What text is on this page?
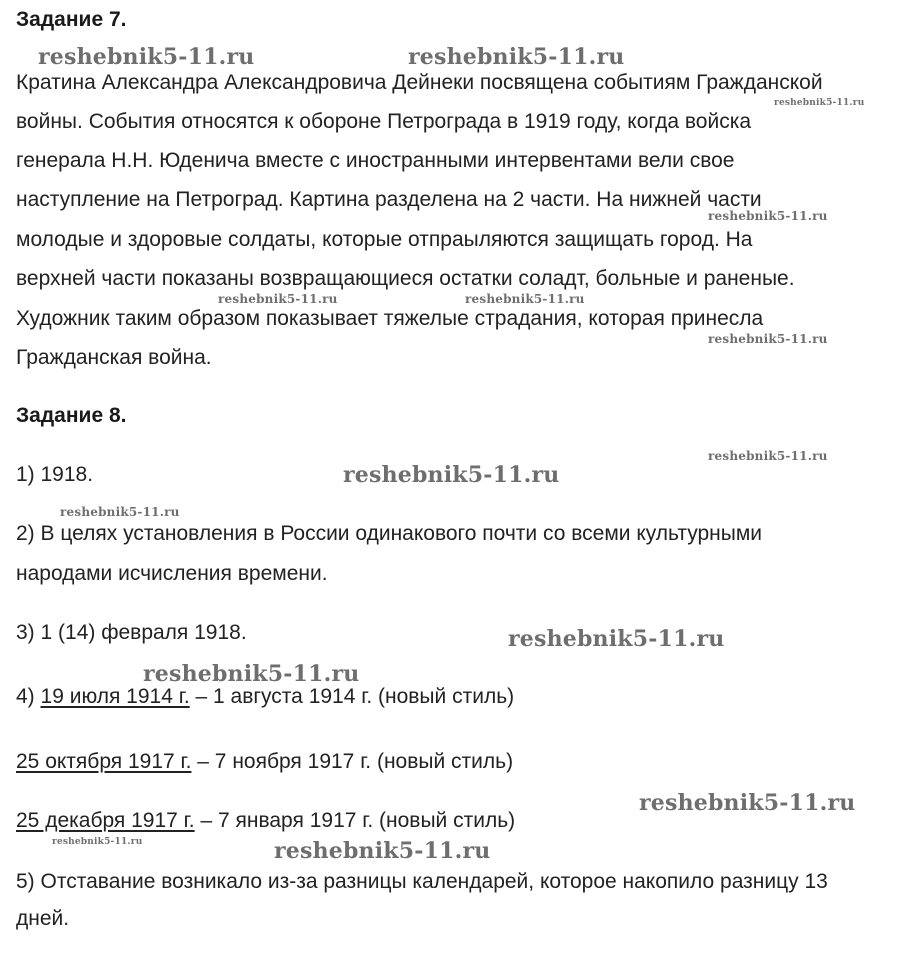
Задание 7.
Кратина Александра Александровича Дейнеки посвящена событиям Гражданской
войны. События относятся к обороне Петрограда в 1919 году, когда войска
генерала Н.Н. Юденича вместе с иностранными интервентами вели свое
наступление на Петроград. Картина разделена на 2 части. На нижней части
молодые и здоровые солдаты, которые отпраыляются защищать город. На
верхней части показаны возвращающиеся остатки соладт, больные и раненые.
Художник таким образом показывает тяжелые страдания, которая принесла
Гражданская война.
Задание 8.
1) 1918.
2) В целях установления в России одинакового почти со всеми культурными
народами исчисления времени.
3) 1 (14) февраля 1918.
4) 19 июля 1914 г. – 1 августа 1914 г. (новый стиль)
25 октября 1917 г. – 7 ноября 1917 г. (новый стиль)
25 декабря 1917 г. – 7 января 1917 г. (новый стиль)
5) Отставание возникало из-за разницы календарей, которое накопило разницу 13
дней.
reshebnik5-11.ru	reshebnik5-11.ru
reshebnik5-11.ru
reshebnik5-11.ru
reshebnik5-11.ru	reshebnik5-11.ru
reshebnik5-11.ru
reshebnik5-11.ru
reshebnik5-11.ru
reshebnik5-11.ru
reshebnik5-11.ru
reshebnik5-11.ru
reshebnik5-11.ru
reshebnik5-11.ru	reshebnik5-11.ru
